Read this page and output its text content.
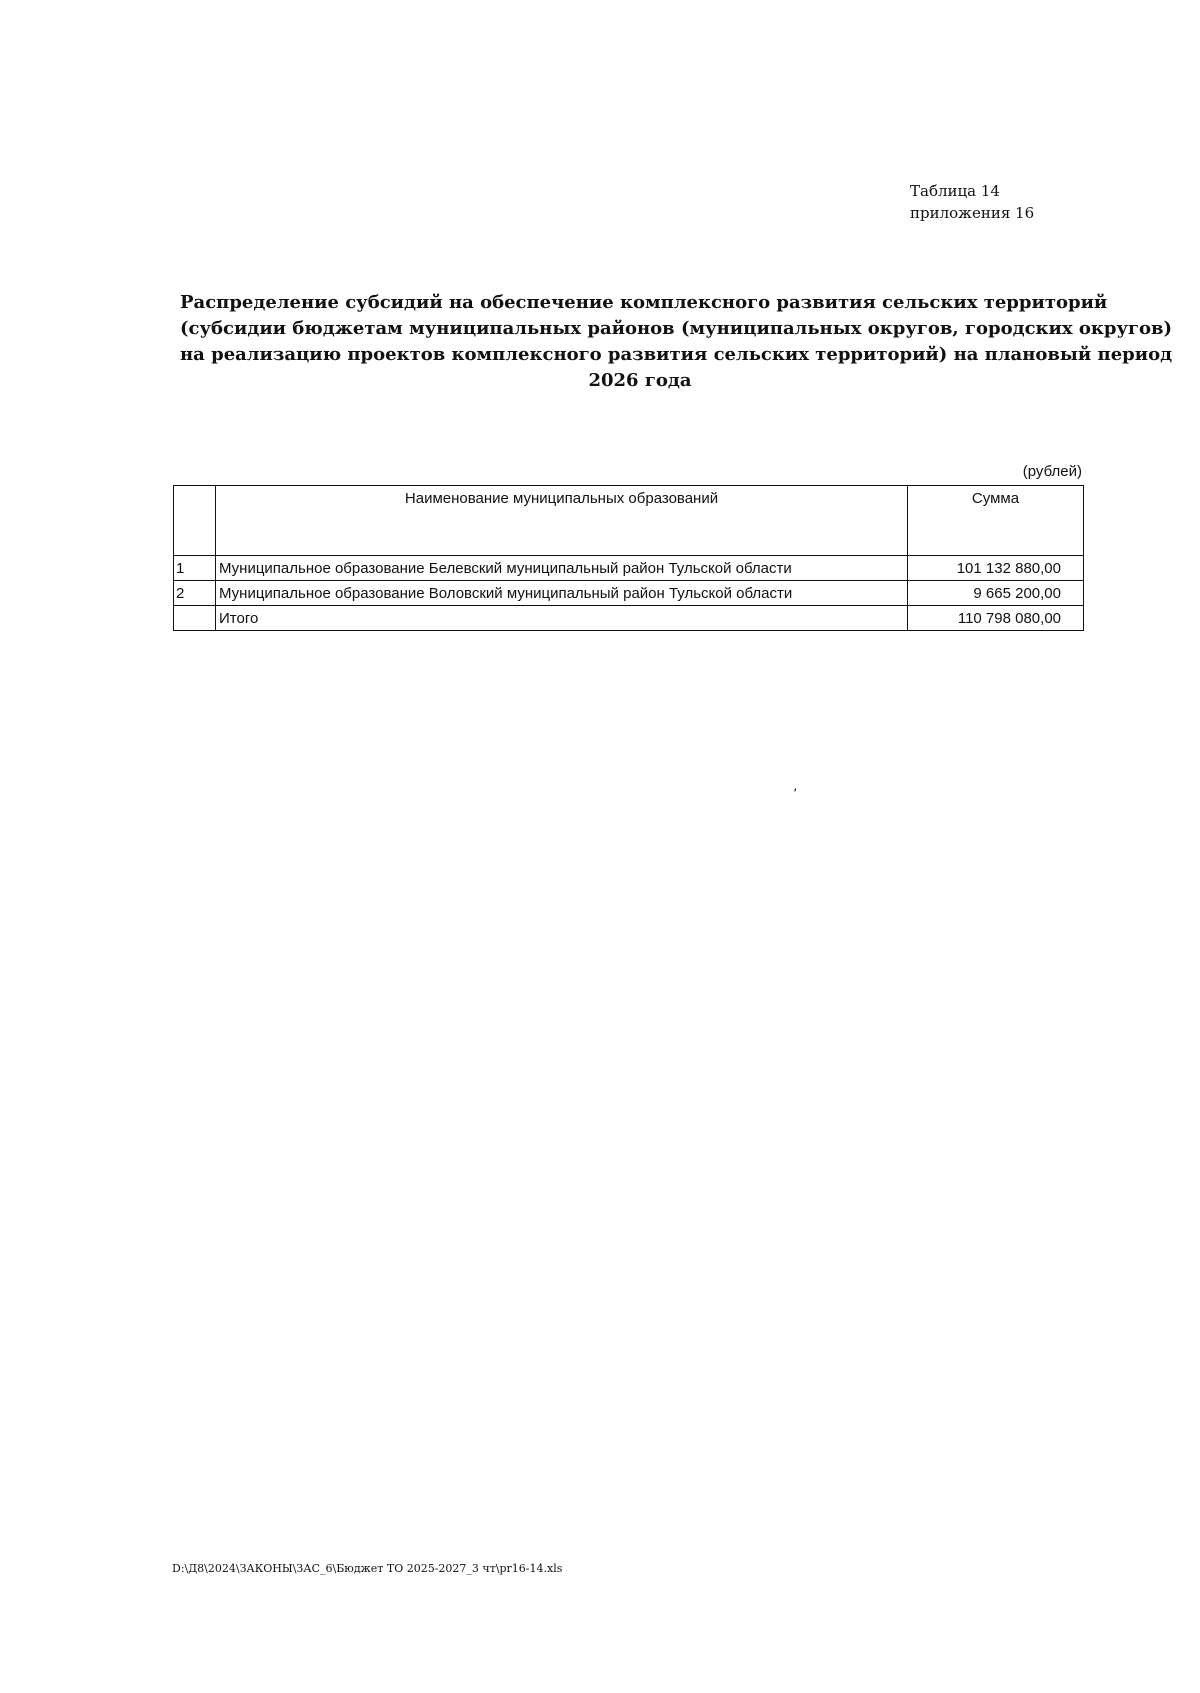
Таблица 14
приложения 16
Распределение субсидий на обеспечение комплексного развития сельских территорий
(субсидии бюджетам муниципальных районов (муниципальных округов, городских округов)
на реализацию проектов комплексного развития сельских территорий) на плановый период
2026 года
(рублей)
	Наименование муниципальных образований	Сумма
1	Муниципальное образование Белевский муниципальный район Тульской области	101 132 880,00
2	Муниципальное образование Воловский муниципальный район Тульской области	9 665 200,00
	Итого	110 798 080,00
'
D:\Д8\2024\ЗАКОНЫ\ЗАС_6\Бюджет ТО 2025-2027_3 чт\pr16-14.xls
